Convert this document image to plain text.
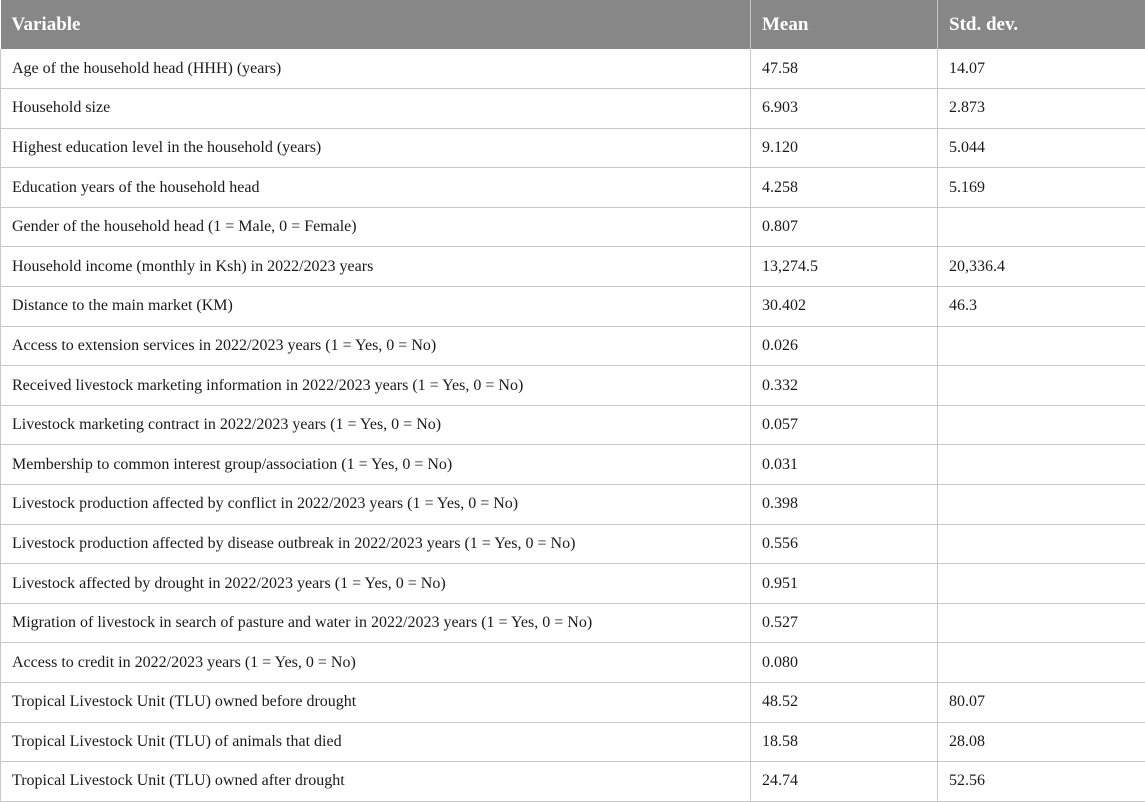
Variable	Mean	Std. dev.
Age of the household head (HHH) (years)	47.58	14.07
Household size	6.903	2.873
Highest education level in the household (years)	9.120	5.044
Education years of the household head	4.258	5.169
Gender of the household head (1 = Male, 0 = Female)	0.807	
Household income (monthly in Ksh) in 2022/2023 years	13,274.5	20,336.4
Distance to the main market (KM)	30.402	46.3
Access to extension services in 2022/2023 years (1 = Yes, 0 = No)	0.026	
Received livestock marketing information in 2022/2023 years (1 = Yes, 0 = No)	0.332	
Livestock marketing contract in 2022/2023 years (1 = Yes, 0 = No)	0.057	
Membership to common interest group/association (1 = Yes, 0 = No)	0.031	
Livestock production affected by conflict in 2022/2023 years (1 = Yes, 0 = No)	0.398	
Livestock production affected by disease outbreak in 2022/2023 years (1 = Yes, 0 = No)	0.556	
Livestock affected by drought in 2022/2023 years (1 = Yes, 0 = No)	0.951	
Migration of livestock in search of pasture and water in 2022/2023 years (1 = Yes, 0 = No)	0.527	
Access to credit in 2022/2023 years (1 = Yes, 0 = No)	0.080	
Tropical Livestock Unit (TLU) owned before drought	48.52	80.07
Tropical Livestock Unit (TLU) of animals that died	18.58	28.08
Tropical Livestock Unit (TLU) owned after drought	24.74	52.56
